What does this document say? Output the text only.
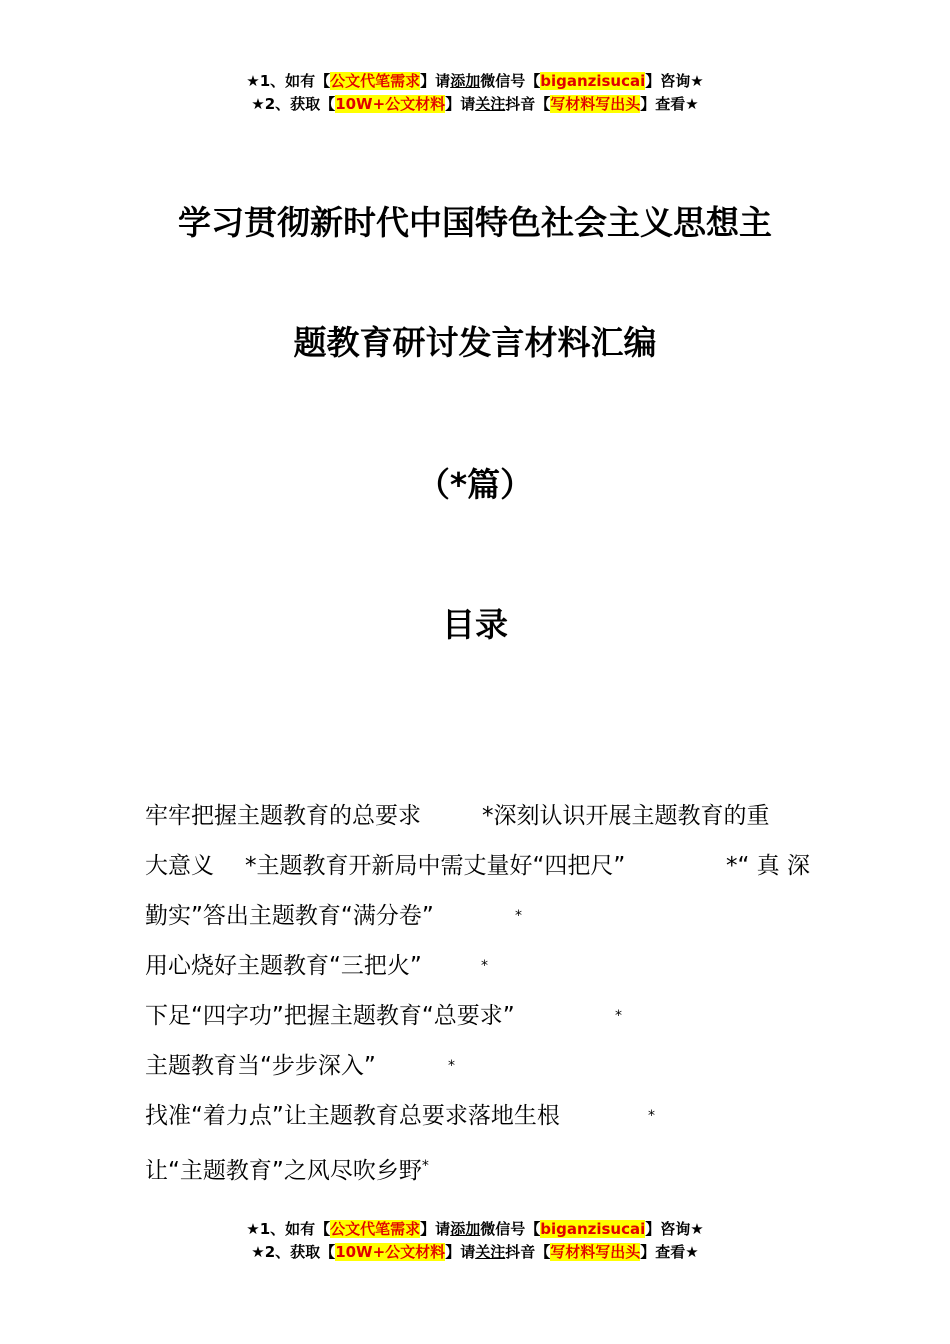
★1、如有【公文代笔需求】请添加微信号【biganzisucai】咨询★
★2、获取【10W+公文材料】请关注抖音【写材料写出头】查看★
学习贯彻新时代中国特色社会主义思想主
题教育研讨发言材料汇编
（*篇）
目录
牢牢把握主题教育的总要求	*深刻认识开展主题教育的重
大意义 *主题教育开新局中需丈量好“四把尺”	*“ 真 深
勤实”答出主题教育“满分卷”	*
用心烧好主题教育“三把火”	*
下足“四字功”把握主题教育“总要求”	*
主题教育当“步步深入”	*
找准“着力点”让主题教育总要求落地生根	*
让“主题教育”之风尽吹乡野*
★1、如有【公文代笔需求】请添加微信号【biganzisucai】咨询★
★2、获取【10W+公文材料】请关注抖音【写材料写出头】查看★
